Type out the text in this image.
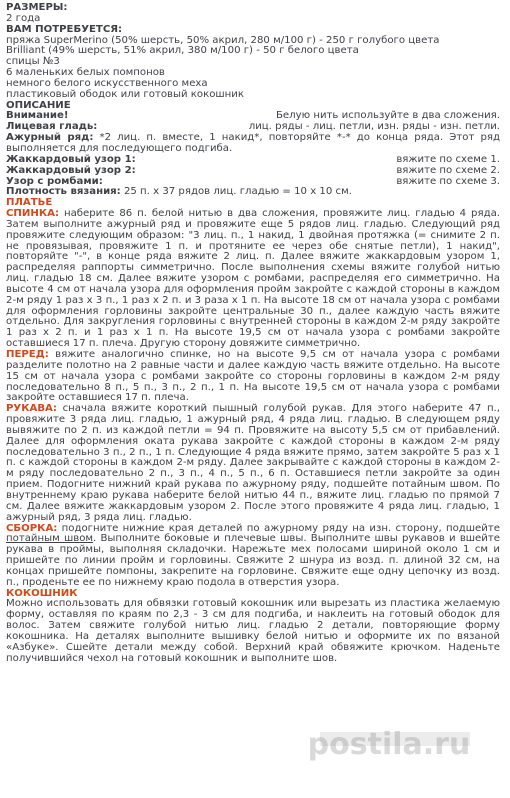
РАЗМЕРЫ:
2 года
ВАМ ПОТРЕБУЕТСЯ:
пряжа SuperMerino (50% шерсть, 50% акрил, 280 м/100 г) - 250 г голубого цвета
Brilliant (49% шерсть, 51% акрил, 380 м/100 г) - 50 г белого цвета
спицы №3
6 маленьких белых помпонов
немного белого искусственного меха
пластиковый ободок или готовый кокошник
ОПИСАНИЕ
Внимание!	Белую нить используйте в два сложения.
Лицевая гладь:	лиц. ряды - лиц. петли, изн. ряды - изн. петли.
Ажурный ряд: *2 лиц. п. вместе, 1 накид*, повторяйте *-* до конца ряда. Этот ряд выполняется для последующего подгиба.
Жаккардовый узор 1:	вяжите по схеме 1.
Жаккардовый узор 2:	вяжите по схеме 2.
Узор с ромбами:	вяжите по схеме 3.
Плотность вязания: 25 п. x 37 рядов лиц. гладью = 10 x 10 см.
ПЛАТЬЕ
СПИНКА: наберите 86 п. белой нитью в два сложения, провяжите лиц. гладью 4 ряда. Затем выполните ажурный ряд и провяжите еще 5 рядов лиц. гладью. Следующий ряд провяжите следующим образом: "3 лиц. п., 1 накид, 1 двойная протяжка (= снимите 2 п. не провязывая, провяжите 1 п. и протяните ее через обе снятые петли), 1 накид", повторяйте "-", в конце ряда вяжите 2 лиц. п. Далее вяжите жаккардовым узором 1, распределяя раппорты симметрично. После выполнения схемы вяжите голубой нитью лиц. гладью 18 см. Далее вяжите узором с ромбами, распределяя его симметрично. На высоте 4 см от начала узора для оформления пройм закройте с каждой стороны в каждом 2-м ряду 1 раз х 3 п., 1 раз х 2 п. и 3 раза х 1 п. На высоте 18 см от начала узора с ромбами для оформления горловины закройте центральные 30 п., далее каждую часть вяжите отдельно. Для закругления горловины с внутренней стороны в каждом 2-м ряду закройте 1 раз х 2 п. и 1 раз х 1 п. На высоте 19,5 см от начала узора с ромбами закройте оставшиеся 17 п. плеча. Другую сторону довяжите симметрично.
ПЕРЕД: вяжите аналогично спинке, но на высоте 9,5 см от начала узора с ромбами разделите полотно на 2 равные части и далее каждую часть вяжите отдельно. На высоте 15 см от начала узора с ромбами закройте со стороны горловины в каждом 2-м ряду последовательно 8 п., 5 п., 3 п., 2 п., 1 п. На высоте 19,5 см от начала узора с ромбами закройте оставшиеся 17 п. плеча.
РУКАВА: сначала вяжите короткий пышный голубой рукав. Для этого наберите 47 п., провяжите 3 ряда лиц. гладью, 1 ажурный ряд, 4 ряда лиц. гладью. В следующем ряду вывяжите по 2 п. из каждой петли = 94 п. Провяжите на высоту 5,5 см от прибавлений. Далее для оформления оката рукава закройте с каждой стороны в каждом 2-м ряду последовательно 3 п., 2 п., 1 п. Следующие 4 ряда вяжите прямо, затем закройте 5 раз х 1 п. с каждой стороны в каждом 2-м ряду. Далее закрывайте с каждой стороны в каждом 2-м ряду последовательно 2 п., 3 п., 4 п., 5 п., 6 п. Оставшиеся петли закройте за один прием. Подогните нижний край рукава по ажурному ряду, подшейте потайным швом. По внутреннему краю рукава наберите белой нитью 44 п., вяжите лиц. гладью по прямой 7 см. Далее вяжите жаккардовым узором 2. После этого провяжите 4 ряда лиц. гладью, 1 ажурный ряд, 3 ряда лиц. гладью.
СБОРКА: подогните нижние края деталей по ажурному ряду на изн. сторону, подшейте потайным швом. Выполните боковые и плечевые швы. Выполните швы рукавов и вшейте рукава в проймы, выполняя складочки. Нарежьте мех полосами шириной около 1 см и пришейте по линии пройм и горловины. Свяжите 2 шнура из возд. п. длиной 32 см, на концах пришейте помпоны, закрепите на горловине. Свяжите еще одну цепочку из возд. п., проденьте ее по нижнему краю подола в отверстия узора.
КОКОШНИК
Можно использовать для обвязки готовый кокошник или вырезать из пластика желаемую форму, оставляя по краям по 2,3 - 3 см для подгиба, и наклеить на готовый ободок для волос. Затем свяжите голубой нитью лиц. гладью 2 детали, повторяющие форму кокошника. На деталях выполните вышивку белой нитью и оформите их по вязаной «Азбуке». Сшейте детали между собой. Верхний край обвяжите крючком. Наденьте получившийся чехол на готовый кокошник и выполните шов.
postila.ru
